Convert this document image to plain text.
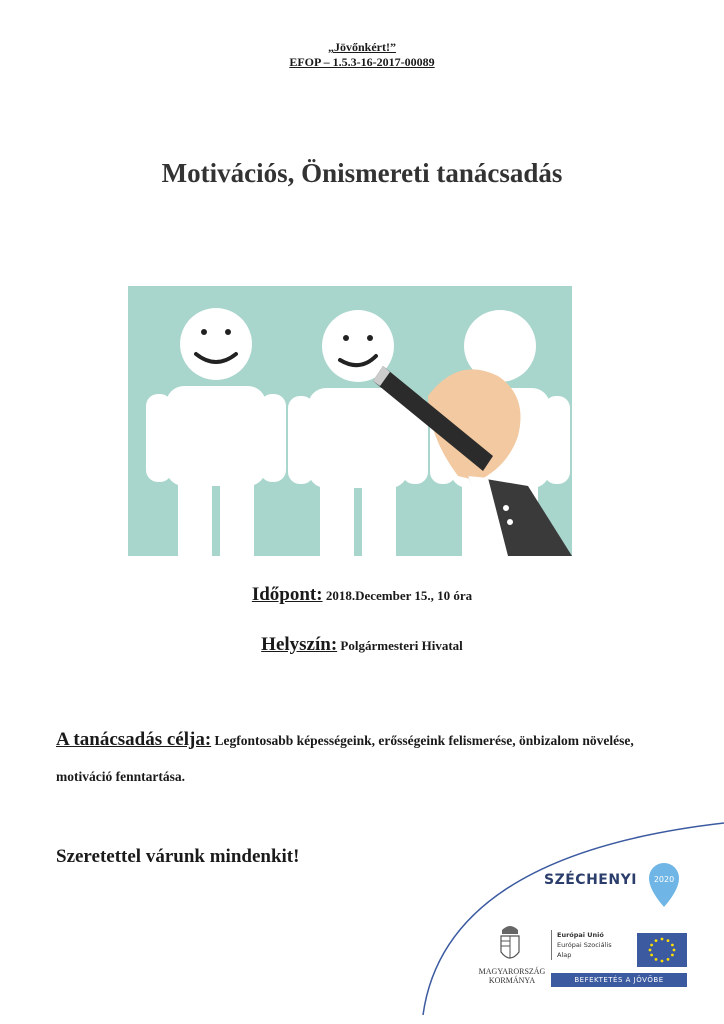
„Jövőnkért!”
EFOP – 1.5.3-16-2017-00089
Motivációs, Önismereti tanácsadás
Időpont: 2018.December 15., 10 óra
Helyszín: Polgármesteri Hivatal
A tanácsadás célja: Legfontosabb képességeink, erősségeink felismerése, önbizalom növelése, motiváció fenntartása.
Szeretettel várunk mindenkit!
SZÉCHENYI 2020
MAGYARORSZÁG
KORMÁNYA
Európai Unió
Európai Szociális
Alap
BEFEKTETÉS A JÖVŐBE
